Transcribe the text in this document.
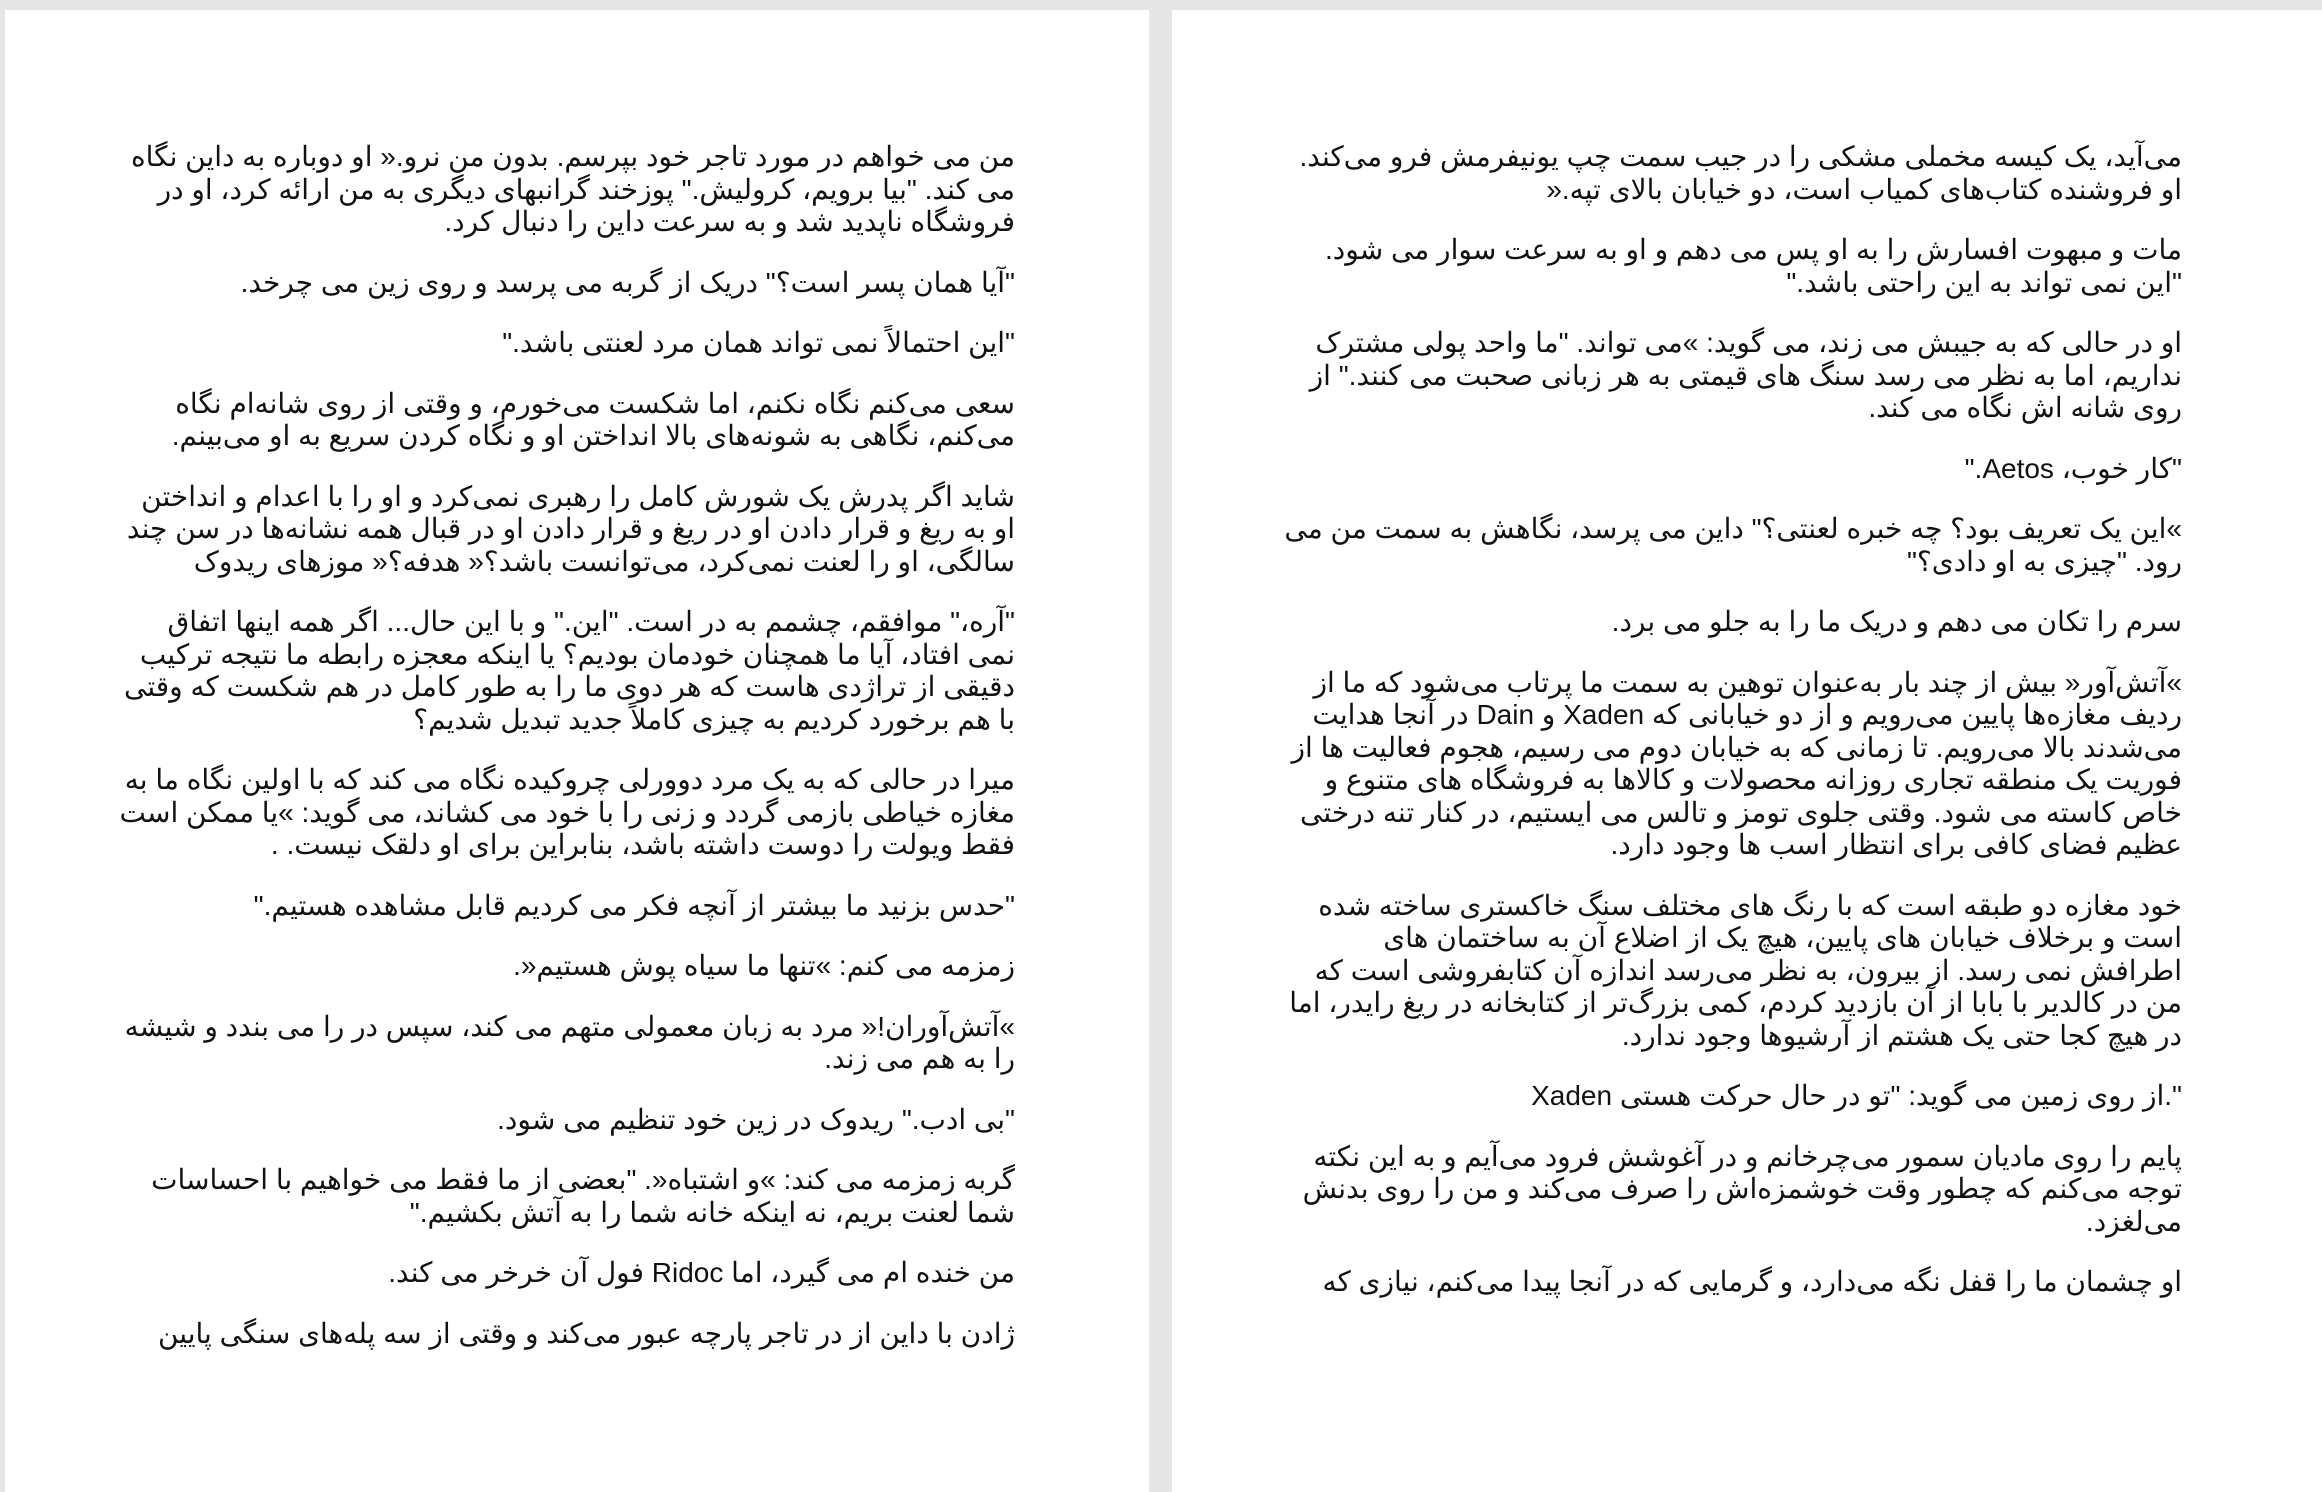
من می خواهم در مورد تاجر خود بپرسم. بدون من نرو.« او دوباره به داین نگاه می کند. "بیا برویم، کرولیش." پوزخند گرانبهای دیگری به من ارائه کرد، او در فروشگاه ناپدید شد و به سرعت داین را دنبال کرد.

"آیا همان پسر است؟" دریک از گربه می پرسد و روی زین می چرخد.

"این احتمالاً نمی تواند همان مرد لعنتی باشد."

سعی می‌کنم نگاه نکنم، اما شکست می‌خورم، و وقتی از روی شانه‌ام نگاه می‌کنم، نگاهی به شونه‌های بالا انداختن او و نگاه کردن سریع به او می‌بینم.

شاید اگر پدرش یک شورش کامل را رهبری نمی‌کرد و او را با اعدام و انداختن او به ریغ و قرار دادن او در ریغ و قرار دادن او در قبال همه نشانه‌ها در سن چند سالگی، او را لعنت نمی‌کرد، می‌توانست باشد؟« هدفه؟« موزهای ریدوک

"آره،" موافقم، چشمم به در است. "این." و با این حال... اگر همه اینها اتفاق نمی افتاد، آیا ما همچنان خودمان بودیم؟ یا اینکه معجزه رابطه ما نتیجه ترکیب دقیقی از تراژدی هاست که هر دوی ما را به طور کامل در هم شکست که وقتی با هم برخورد کردیم به چیزی کاملاً جدید تبدیل شدیم؟

میرا در حالی که به یک مرد دوورلی چروکیده نگاه می کند که با اولین نگاه ما به مغازه خیاطی بازمی گردد و زنی را با خود می کشاند، می گوید: »یا ممکن است فقط ویولت را دوست داشته باشد، بنابراین برای او دلقک نیست. .

"حدس بزنید ما بیشتر از آنچه فکر می کردیم قابل مشاهده هستیم."

زمزمه می کنم: »تنها ما سیاه پوش هستیم«.

»آتش‌آوران!« مرد به زبان معمولی متهم می کند، سپس در را می بندد و شیشه را به هم می زند.

"بی ادب." ریدوک در زین خود تنظیم می شود.

گربه زمزمه می کند: »و اشتباه«. "بعضی از ما فقط می خواهیم با احساسات شما لعنت بریم، نه اینکه خانه شما را به آتش بکشیم."

من خنده ام می گیرد، اما Ridoc فول آن خرخر می کند.

ژادن با داین از در تاجر پارچه عبور می‌کند و وقتی از سه پله‌های سنگی پایین

می‌آید، یک کیسه مخملی مشکی را در جیب سمت چپ یونیفرمش فرو می‌کند. او فروشنده کتاب‌های کمیاب است، دو خیابان بالای تپه.«

مات و مبهوت افسارش را به او پس می دهم و او به سرعت سوار می شود. "این نمی تواند به این راحتی باشد."

او در حالی که به جیبش می زند، می گوید: »می تواند. "ما واحد پولی مشترک نداریم، اما به نظر می رسد سنگ های قیمتی به هر زبانی صحبت می کنند." از روی شانه اش نگاه می کند.

"کار خوب، Aetos."

»این یک تعریف بود؟ چه خبره لعنتی؟" داین می پرسد، نگاهش به سمت من می رود. "چیزی به او دادی؟"

سرم را تکان می دهم و دریک ما را به جلو می برد.

»آتش‌آور« بیش از چند بار به‌عنوان توهین به سمت ما پرتاب می‌شود که ما از ردیف مغازه‌ها پایین می‌رویم و از دو خیابانی که Xaden و Dain در آنجا هدایت می‌شدند بالا می‌رویم. تا زمانی که به خیابان دوم می رسیم، هجوم فعالیت ها از فوریت یک منطقه تجاری روزانه محصولات و کالاها به فروشگاه های متنوع و خاص کاسته می شود. وقتی جلوی تومز و تالس می ایستیم، در کنار تنه درختی عظیم فضای کافی برای انتظار اسب ها وجود دارد.

خود مغازه دو طبقه است که با رنگ های مختلف سنگ خاکستری ساخته شده است و برخلاف خیابان های پایین، هیچ یک از اضلاع آن به ساختمان های اطرافش نمی رسد. از بیرون، به نظر می‌رسد اندازه آن کتابفروشی است که من در کالدیر با بابا از آن بازدید کردم، کمی بزرگ‌تر از کتابخانه در ریغ رایدر، اما در هیچ کجا حتی یک هشتم از آرشیوها وجود ندارد.

Xaden از روی زمین می گوید: "تو در حال حرکت هستی."

پایم را روی مادیان سمور می‌چرخانم و در آغوشش فرود می‌آیم و به این نکته توجه می‌کنم که چطور وقت خوشمزه‌اش را صرف می‌کند و من را روی بدنش می‌لغزد.

او چشمان ما را قفل نگه می‌دارد، و گرمایی که در آنجا پیدا می‌کنم، نیازی که
